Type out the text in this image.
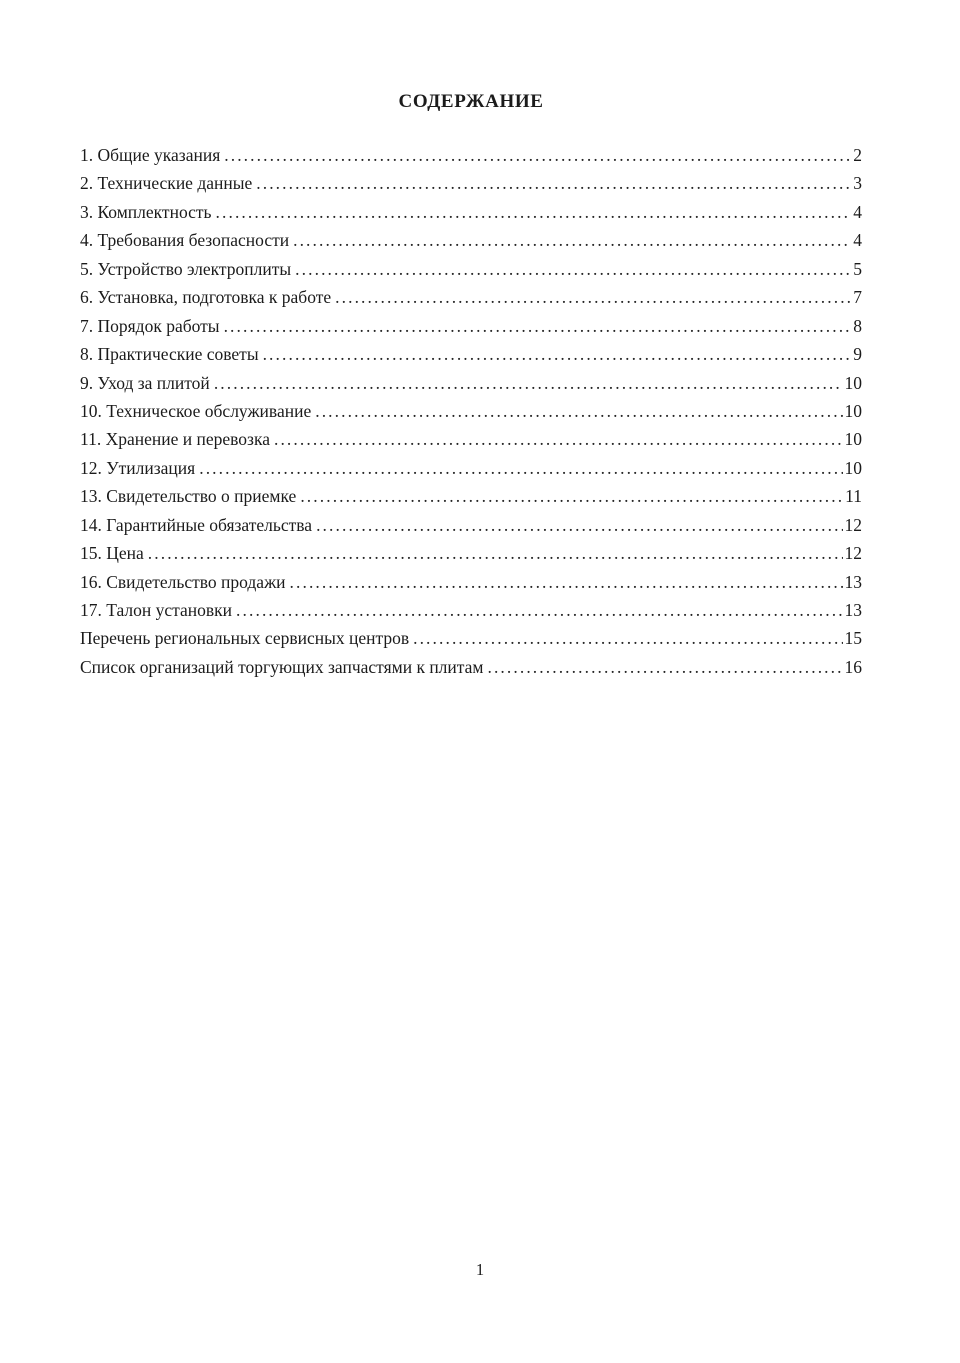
СОДЕРЖАНИЕ
1. Общие указания .....	2
2. Технические данные .....	3
3. Комплектность .....	4
4. Требования безопасности .....	4
5. Устройство электроплиты .....	5
6. Установка, подготовка к работе .....	7
7. Порядок работы .....	8
8. Практические советы .....	9
9. Уход за плитой .....	10
10. Техническое обслуживание .....	10
11. Хранение и перевозка .....	10
12. Утилизация .....	10
13. Свидетельство о приемке .....	11
14. Гарантийные обязательства .....	12
15. Цена .....	12
16. Свидетельство продажи .....	13
17. Талон установки .....	13
Перечень региональных сервисных центров .....	15
Список организаций торгующих запчастями к плитам .....	16
1
